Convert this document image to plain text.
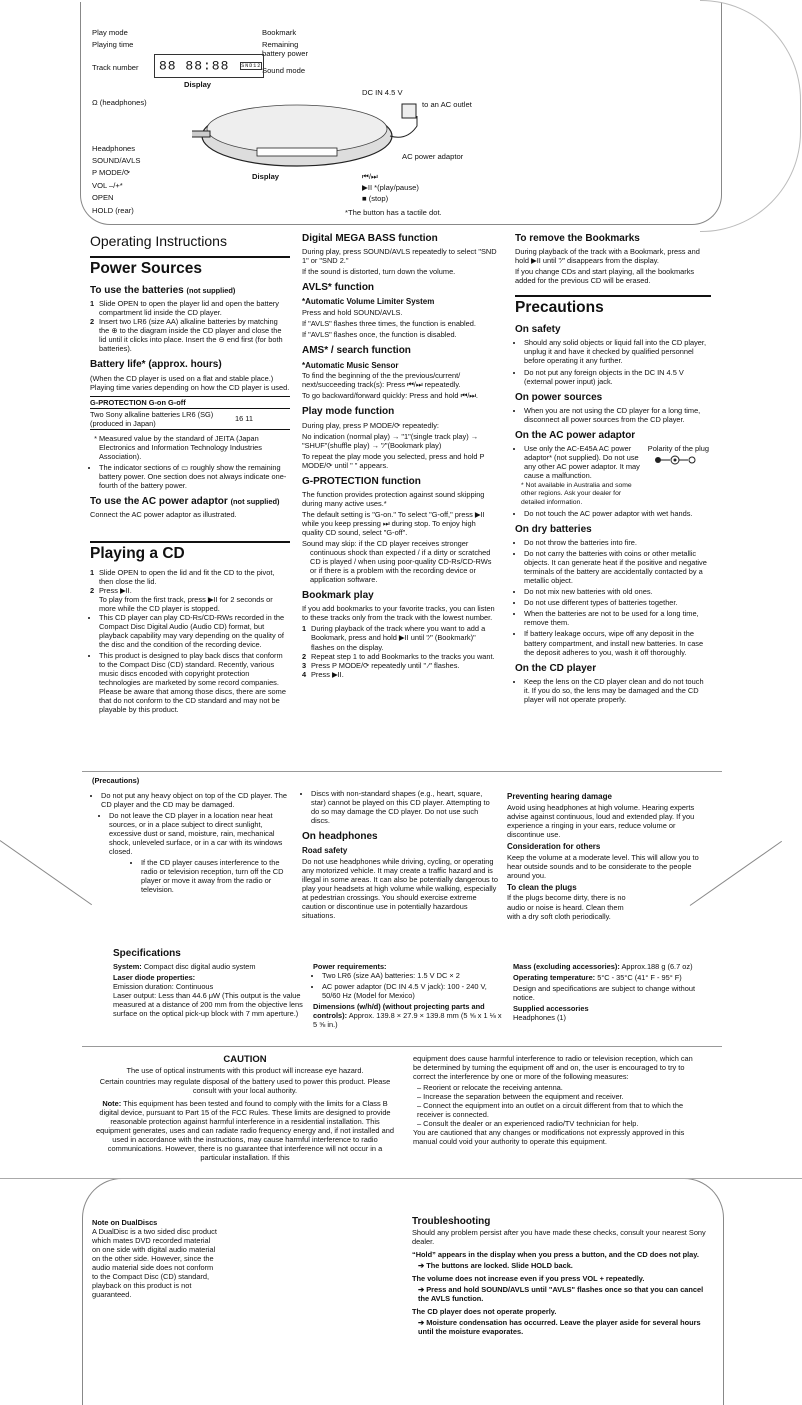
Play mode
Playing time
Track number
Bookmark
Remaining battery power
Sound mode
88 88:88 SND12
Display
Ω (headphones)
DC IN 4.5 V
to an AC outlet
AC power adaptor
Headphones
SOUND/AVLS
P MODE/⟳
VOL –/+*
OPEN
HOLD (rear)
Display	⏮/⏭
▶II *(play/pause)
■ (stop)
*The button has a tactile dot.
Operating Instructions
Power Sources
To use the batteries (not supplied)
1 Slide OPEN to open the player lid and open the battery compartment lid inside the CD player.
2 Insert two LR6 (size AA) alkaline batteries by matching the ⊕ to the diagram inside the CD player and close the lid until it clicks into place. Insert the ⊖ end first (for both batteries).
Battery life* (approx. hours)

(When the CD player is used on a flat and stable place.) Playing time varies depending on how the CD player is used.

G-PROTECTION G-on G-off
Two Sony alkaline batteries LR6 (SG) (produced in Japan)
16 11
* Measured value by the standard of JEITA (Japan Electronics and Information Technology Industries Association).
• The indicator sections of ▭ roughly show the remaining battery power. One section does not always indicate one-fourth of the battery power.
To use the AC power adaptor (not supplied)

Connect the AC power adaptor as illustrated.

Playing a CD
1 Slide OPEN to open the lid and fit the CD to the pivot, then close the lid.
2 Press ▶II.
To play from the first track, press ▶II for 2 seconds or more while the CD player is stopped.
• This CD player can play CD-Rs/CD-RWs recorded in the Compact Disc Digital Audio (Audio CD) format, but playback capability may vary depending on the quality of the disc and the condition of the recording device.
• This product is designed to play back discs that conform to the Compact Disc (CD) standard. Recently, various music discs encoded with copyright protection technologies are marketed by some record companies. Please be aware that among those discs, there are some that do not conform to the CD standard and may not be playable by this product.
Digital MEGA BASS function

During play, press SOUND/AVLS repeatedly to select "SND 1" or "SND 2."

If the sound is distorted, turn down the volume.

AVLS* function
*Automatic Volume Limiter System

Press and hold SOUND/AVLS.

If "AVLS" flashes three times, the function is enabled.

If "AVLS" flashes once, the function is disabled.

AMS* / search function
*Automatic Music Sensor

To find the beginning of the the previous/current/ next/succeeding track(s): Press ⏮/⏭ repeatedly.

To go backward/forward quickly: Press and hold ⏮/⏭.

Play mode function

During play, press P MODE/⟳ repeatedly:

No indication (normal play) → "1"(single track play) → "SHUF"(shuffle play) → "⁄"(Bookmark play)

To repeat the play mode you selected, press and hold P MODE/⟳ until " " appears.

G-PROTECTION function

The function provides protection against sound skipping during many active uses.*

The default setting is "G-on." To select "G-off," press ▶II while you keep pressing ⏭ during stop. To enjoy high quality CD sound, select "G-off".

Sound may skip: if the CD player receives stronger continuous shock than expected / if a dirty or scratched CD is played / when using poor-quality CD-Rs/CD-RWs or if there is a problem with the recording device or application software.

Bookmark play

If you add bookmarks to your favorite tracks, you can listen to these tracks only from the track with the lowest number.

1 During playback of the track where you want to add a Bookmark, press and hold ▶II until "⁄" (Bookmark)" flashes on the display.
2 Repeat step 1 to add Bookmarks to the tracks you want.
3 Press P MODE/⟳ repeatedly until " ⁄" flashes.
4 Press ▶II.
To remove the Bookmarks

During playback of the track with a Bookmark, press and hold ▶II until "⁄" disappears from the display.

If you change CDs and start playing, all the bookmarks added for the previous CD will be erased.

Precautions
On safety
• Should any solid objects or liquid fall into the CD player, unplug it and have it checked by qualified personnel before operating it any further.
• Do not put any foreign objects in the DC IN 4.5 V (external power input) jack.
On power sources
• When you are not using the CD player for a long time, disconnect all power sources from the CD player.
On the AC power adaptor
• Use only the AC-E45A AC power adaptor* (not supplied). Do not use any other AC power adaptor. It may cause a malfunction.
Polarity of the plug

* Not available in Australia and some other regions. Ask your dealer for detailed information.

• Do not touch the AC power adaptor with wet hands.
On dry batteries
• Do not throw the batteries into fire.
• Do not carry the batteries with coins or other metallic objects. It can generate heat if the positive and negative terminals of the battery are accidentally contacted by a metallic object.
• Do not mix new batteries with old ones.
• Do not use different types of batteries together.
• When the batteries are not to be used for a long time, remove them.
• If battery leakage occurs, wipe off any deposit in the battery compartment, and install new batteries. In case the deposit adheres to you, wash it off thoroughly.
On the CD player
• Keep the lens on the CD player clean and do not touch it. If you do so, the lens may be damaged and the CD player will not operate properly.
(Precautions)
• Do not put any heavy object on top of the CD player. The CD player and the CD may be damaged.
• Do not leave the CD player in a location near heat sources, or in a place subject to direct sunlight, excessive dust or sand, moisture, rain, mechanical shock, unleveled surface, or in a car with its windows closed.
• If the CD player causes interference to the radio or television reception, turn off the CD player or move it away from the radio or television.
• Discs with non-standard shapes (e.g., heart, square, star) cannot be played on this CD player. Attempting to do so may damage the CD player. Do not use such discs.
On headphones
Road safety

Do not use headphones while driving, cycling, or operating any motorized vehicle. It may create a traffic hazard and is illegal in some areas. It can also be potentially dangerous to play your headsets at high volume while walking, especially at pedestrian crossings. You should exercise extreme caution or discontinue use in potentially hazardous situations.

Preventing hearing damage

Avoid using headphones at high volume. Hearing experts advise against continuous, loud and extended play. If you experience a ringing in your ears, reduce volume or discontinue use.

Consideration for others

Keep the volume at a moderate level. This will allow you to hear outside sounds and to be considerate to the people around you.

To clean the plugs

If the plugs become dirty, there is no audio or noise is heard. Clean them with a dry soft cloth periodically.

Specifications

System: Compact disc digital audio system

Laser diode properties:

Emission duration: Continuous

Laser output: Less than 44.6 μW (This output is the value measured at a distance of 200 mm from the objective lens surface on the optical pick-up block with 7 mm aperture.)

Power requirements:

• Two LR6 (size AA) batteries: 1.5 V DC × 2
• AC power adaptor (DC IN 4.5 V jack): 100 - 240 V, 50/60 Hz (Model for Mexico)

Dimensions (w/h/d) (without projecting parts and controls): Approx. 139.8 × 27.9 × 139.8 mm (5 ⅝ x 1 ⅛ x 5 ⅝ in.)

Mass (excluding accessories): Approx.188 g (6.7 oz)

Operating temperature: 5°C - 35°C (41° F - 95° F)

Design and specifications are subject to change without notice.

Supplied accessories

Headphones (1)

CAUTION

The use of optical instruments with this product will increase eye hazard.

Certain countries may regulate disposal of the battery used to power this product. Please consult with your local authority.

Note: This equipment has been tested and found to comply with the limits for a Class B digital device, pursuant to Part 15 of the FCC Rules. These limits are designed to provide reasonable protection against harmful interference in a residential installation. This equipment generates, uses and can radiate radio frequency energy and, if not installed and used in accordance with the instructions, may cause harmful interference to radio communications. However, there is no guarantee that interference will not occur in a particular installation. If this

equipment does cause harmful interference to radio or television reception, which can be determined by turning the equipment off and on, the user is encouraged to try to correct the interference by one or more of the following measures:

– Reorient or relocate the receiving antenna.

– Increase the separation between the equipment and receiver.

– Connect the equipment into an outlet on a circuit different from that to which the receiver is connected.

– Consult the dealer or an experienced radio/TV technician for help.

You are cautioned that any changes or modifications not expressly approved in this manual could void your authority to operate this equipment.

Note on DualDiscs

A DualDisc is a two sided disc product which mates DVD recorded material on one side with digital audio material on the other side. However, since the audio material side does not conform to the Compact Disc (CD) standard, playback on this product is not guaranteed.

Troubleshooting

Should any problem persist after you have made these checks, consult your nearest Sony dealer.

“Hold” appears in the display when you press a button, and the CD does not play.

➔ The buttons are locked. Slide HOLD back.

The volume does not increase even if you press VOL + repeatedly.

➔ Press and hold SOUND/AVLS until "AVLS" flashes once so that you can cancel the AVLS function.

The CD player does not operate properly.

➔ Moisture condensation has occurred. Leave the player aside for several hours until the moisture evaporates.
